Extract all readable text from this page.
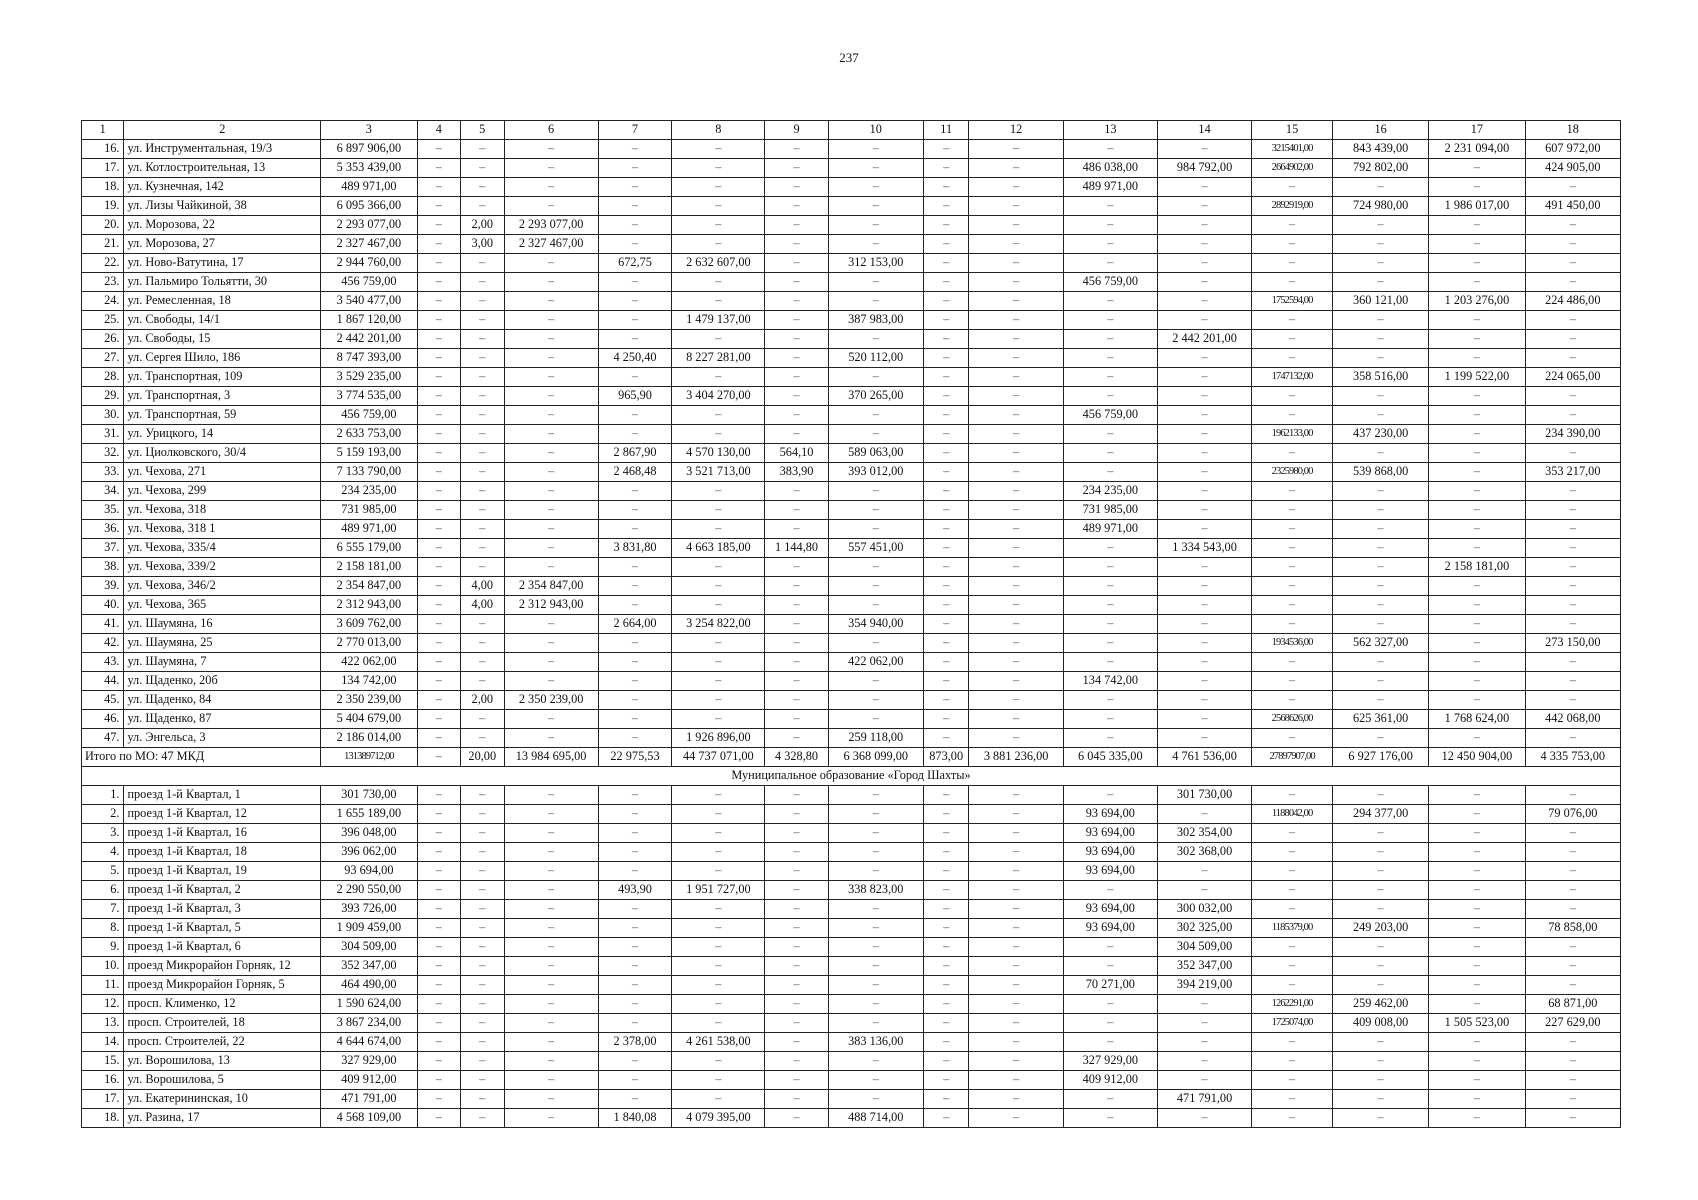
237
1	2	3	4	5	6	7	8	9	10	11	12	13	14	15	16	17	18
16.	ул. Инструментальная, 19/3	6 897 906,00	–	–	–	–	–	–	–	–	–	–	–	3215401,00	843 439,00	2 231 094,00	607 972,00
17.	ул. Котлостроительная, 13	5 353 439,00	–	–	–	–	–	–	–	–	–	486 038,00	984 792,00	2664902,00	792 802,00	–	424 905,00
18.	ул. Кузнечная, 142	489 971,00	–	–	–	–	–	–	–	–	–	489 971,00	–	–	–	–	–
19.	ул. Лизы Чайкиной, 38	6 095 366,00	–	–	–	–	–	–	–	–	–	–	–	2892919,00	724 980,00	1 986 017,00	491 450,00
20.	ул. Морозова, 22	2 293 077,00	–	2,00	2 293 077,00	–	–	–	–	–	–	–	–	–	–	–	–
21.	ул. Морозова, 27	2 327 467,00	–	3,00	2 327 467,00	–	–	–	–	–	–	–	–	–	–	–	–
22.	ул. Ново-Ватутина, 17	2 944 760,00	–	–	–	672,75	2 632 607,00	–	312 153,00	–	–	–	–	–	–	–	–
23.	ул. Пальмиро Тольятти, 30	456 759,00	–	–	–	–	–	–	–	–	–	456 759,00	–	–	–	–	–
24.	ул. Ремесленная, 18	3 540 477,00	–	–	–	–	–	–	–	–	–	–	–	1752594,00	360 121,00	1 203 276,00	224 486,00
25.	ул. Свободы, 14/1	1 867 120,00	–	–	–	–	1 479 137,00	–	387 983,00	–	–	–	–	–	–	–	–
26.	ул. Свободы, 15	2 442 201,00	–	–	–	–	–	–	–	–	–	–	2 442 201,00	–	–	–	–
27.	ул. Сергея Шило, 186	8 747 393,00	–	–	–	4 250,40	8 227 281,00	–	520 112,00	–	–	–	–	–	–	–	–
28.	ул. Транспортная, 109	3 529 235,00	–	–	–	–	–	–	–	–	–	–	–	1747132,00	358 516,00	1 199 522,00	224 065,00
29.	ул. Транспортная, 3	3 774 535,00	–	–	–	965,90	3 404 270,00	–	370 265,00	–	–	–	–	–	–	–	–
30.	ул. Транспортная, 59	456 759,00	–	–	–	–	–	–	–	–	–	456 759,00	–	–	–	–	–
31.	ул. Урицкого, 14	2 633 753,00	–	–	–	–	–	–	–	–	–	–	–	1962133,00	437 230,00	–	234 390,00
32.	ул. Циолковского, 30/4	5 159 193,00	–	–	–	2 867,90	4 570 130,00	564,10	589 063,00	–	–	–	–	–	–	–	–
33.	ул. Чехова, 271	7 133 790,00	–	–	–	2 468,48	3 521 713,00	383,90	393 012,00	–	–	–	–	2325980,00	539 868,00	–	353 217,00
34.	ул. Чехова, 299	234 235,00	–	–	–	–	–	–	–	–	–	234 235,00	–	–	–	–	–
35.	ул. Чехова, 318	731 985,00	–	–	–	–	–	–	–	–	–	731 985,00	–	–	–	–	–
36.	ул. Чехова, 318 1	489 971,00	–	–	–	–	–	–	–	–	–	489 971,00	–	–	–	–	–
37.	ул. Чехова, 335/4	6 555 179,00	–	–	–	3 831,80	4 663 185,00	1 144,80	557 451,00	–	–	–	1 334 543,00	–	–	–	–
38.	ул. Чехова, 339/2	2 158 181,00	–	–	–	–	–	–	–	–	–	–	–	–	–	2 158 181,00	–
39.	ул. Чехова, 346/2	2 354 847,00	–	4,00	2 354 847,00	–	–	–	–	–	–	–	–	–	–	–	–
40.	ул. Чехова, 365	2 312 943,00	–	4,00	2 312 943,00	–	–	–	–	–	–	–	–	–	–	–	–
41.	ул. Шаумяна, 16	3 609 762,00	–	–	–	2 664,00	3 254 822,00	–	354 940,00	–	–	–	–	–	–	–	–
42.	ул. Шаумяна, 25	2 770 013,00	–	–	–	–	–	–	–	–	–	–	–	1934536,00	562 327,00	–	273 150,00
43.	ул. Шаумяна, 7	422 062,00	–	–	–	–	–	–	422 062,00	–	–	–	–	–	–	–	–
44.	ул. Щаденко, 20б	134 742,00	–	–	–	–	–	–	–	–	–	134 742,00	–	–	–	–	–
45.	ул. Щаденко, 84	2 350 239,00	–	2,00	2 350 239,00	–	–	–	–	–	–	–	–	–	–	–	–
46.	ул. Щаденко, 87	5 404 679,00	–	–	–	–	–	–	–	–	–	–	–	2568626,00	625 361,00	1 768 624,00	442 068,00
47.	ул. Энгельса, 3	2 186 014,00	–	–	–	–	1 926 896,00	–	259 118,00	–	–	–	–	–	–	–	–
Итого по МО: 47 МКД		131389712,00	–	20,00	13 984 695,00	22 975,53	44 737 071,00	4 328,80	6 368 099,00	873,00	3 881 236,00	6 045 335,00	4 761 536,00	27897907,00	6 927 176,00	12 450 904,00	4 335 753,00
Муниципальное образование «Город Шахты»																	
1.	проезд 1-й Квартал, 1	301 730,00	–	–	–	–	–	–	–	–	–	–	301 730,00	–	–	–	–
2.	проезд 1-й Квартал, 12	1 655 189,00	–	–	–	–	–	–	–	–	–	93 694,00	–	1188042,00	294 377,00	–	79 076,00
3.	проезд 1-й Квартал, 16	396 048,00	–	–	–	–	–	–	–	–	–	93 694,00	302 354,00	–	–	–	–
4.	проезд 1-й Квартал, 18	396 062,00	–	–	–	–	–	–	–	–	–	93 694,00	302 368,00	–	–	–	–
5.	проезд 1-й Квартал, 19	93 694,00	–	–	–	–	–	–	–	–	–	93 694,00	–	–	–	–	–
6.	проезд 1-й Квартал, 2	2 290 550,00	–	–	–	493,90	1 951 727,00	–	338 823,00	–	–	–	–	–	–	–	–
7.	проезд 1-й Квартал, 3	393 726,00	–	–	–	–	–	–	–	–	–	93 694,00	300 032,00	–	–	–	–
8.	проезд 1-й Квартал, 5	1 909 459,00	–	–	–	–	–	–	–	–	–	93 694,00	302 325,00	1185379,00	249 203,00	–	78 858,00
9.	проезд 1-й Квартал, 6	304 509,00	–	–	–	–	–	–	–	–	–	–	304 509,00	–	–	–	–
10.	проезд Микрорайон Горняк, 12	352 347,00	–	–	–	–	–	–	–	–	–	–	352 347,00	–	–	–	–
11.	проезд Микрорайон Горняк, 5	464 490,00	–	–	–	–	–	–	–	–	–	70 271,00	394 219,00	–	–	–	–
12.	просп. Клименко, 12	1 590 624,00	–	–	–	–	–	–	–	–	–	–	–	1262291,00	259 462,00	–	68 871,00
13.	просп. Строителей, 18	3 867 234,00	–	–	–	–	–	–	–	–	–	–	–	1725074,00	409 008,00	1 505 523,00	227 629,00
14.	просп. Строителей, 22	4 644 674,00	–	–	–	2 378,00	4 261 538,00	–	383 136,00	–	–	–	–	–	–	–	–
15.	ул. Ворошилова, 13	327 929,00	–	–	–	–	–	–	–	–	–	327 929,00	–	–	–	–	–
16.	ул. Ворошилова, 5	409 912,00	–	–	–	–	–	–	–	–	–	409 912,00	–	–	–	–	–
17.	ул. Екатерининская, 10	471 791,00	–	–	–	–	–	–	–	–	–	–	471 791,00	–	–	–	–
18.	ул. Разина, 17	4 568 109,00	–	–	–	1 840,08	4 079 395,00	–	488 714,00	–	–	–	–	–	–	–	–
